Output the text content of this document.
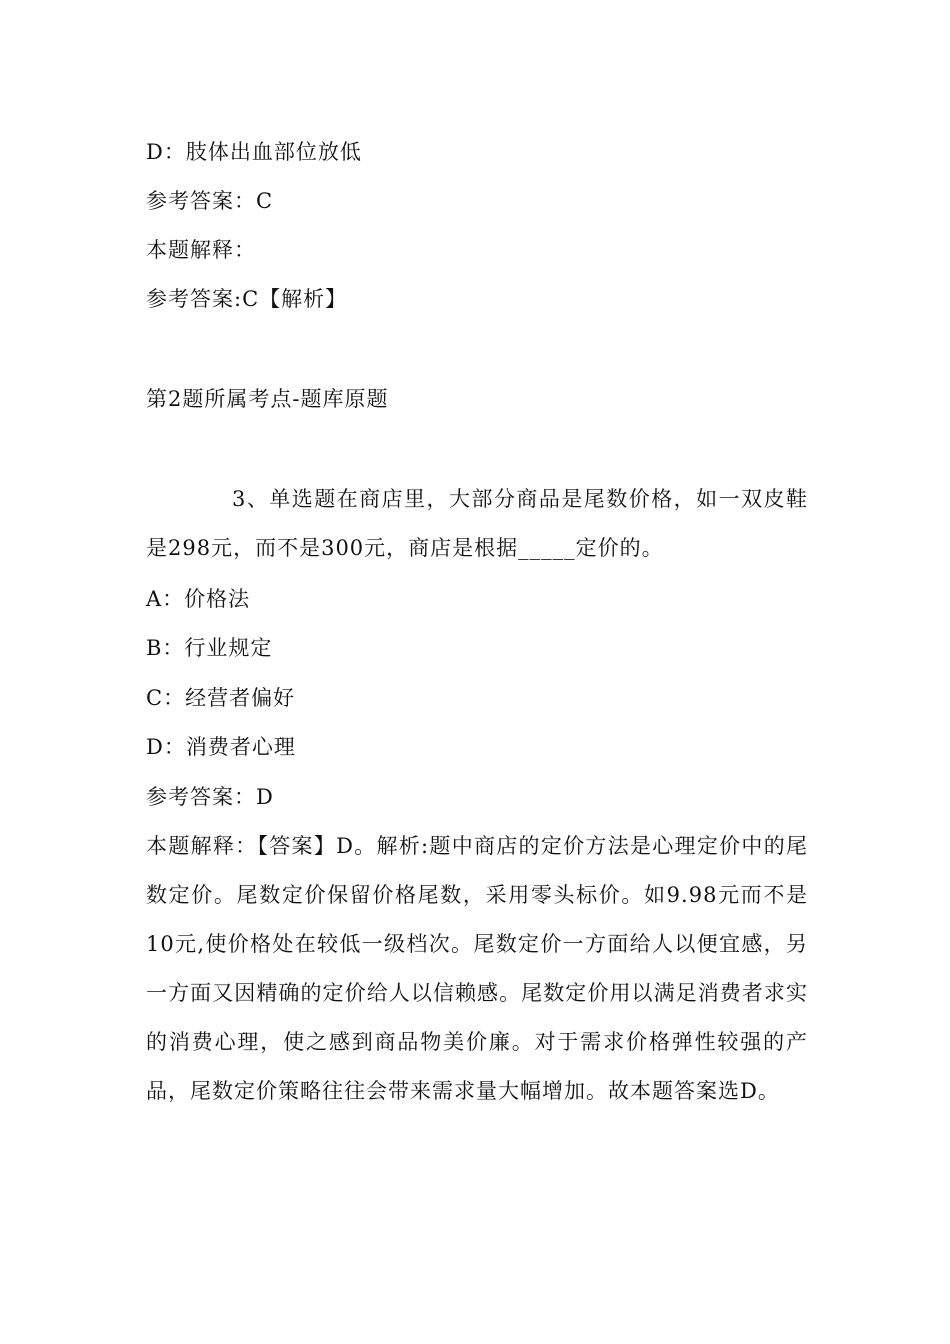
D：肢体出血部位放低
参考答案：C
本题解释：
参考答案:C【解析】
第2题所属考点-题库原题
3、单选题在商店里，大部分商品是尾数价格，如一双皮鞋是298元，而不是300元，商店是根据_____定价的。
A：价格法
B：行业规定
C：经营者偏好
D：消费者心理
参考答案：D
本题解释：【答案】D。解析:题中商店的定价方法是心理定价中的尾数定价。尾数定价保留价格尾数，采用零头标价。如9.98元而不是10元,使价格处在较低一级档次。尾数定价一方面给人以便宜感，另一方面又因精确的定价给人以信赖感。尾数定价用以满足消费者求实的消费心理，使之感到商品物美价廉。对于需求价格弹性较强的产品，尾数定价策略往往会带来需求量大幅增加。故本题答案选D。
